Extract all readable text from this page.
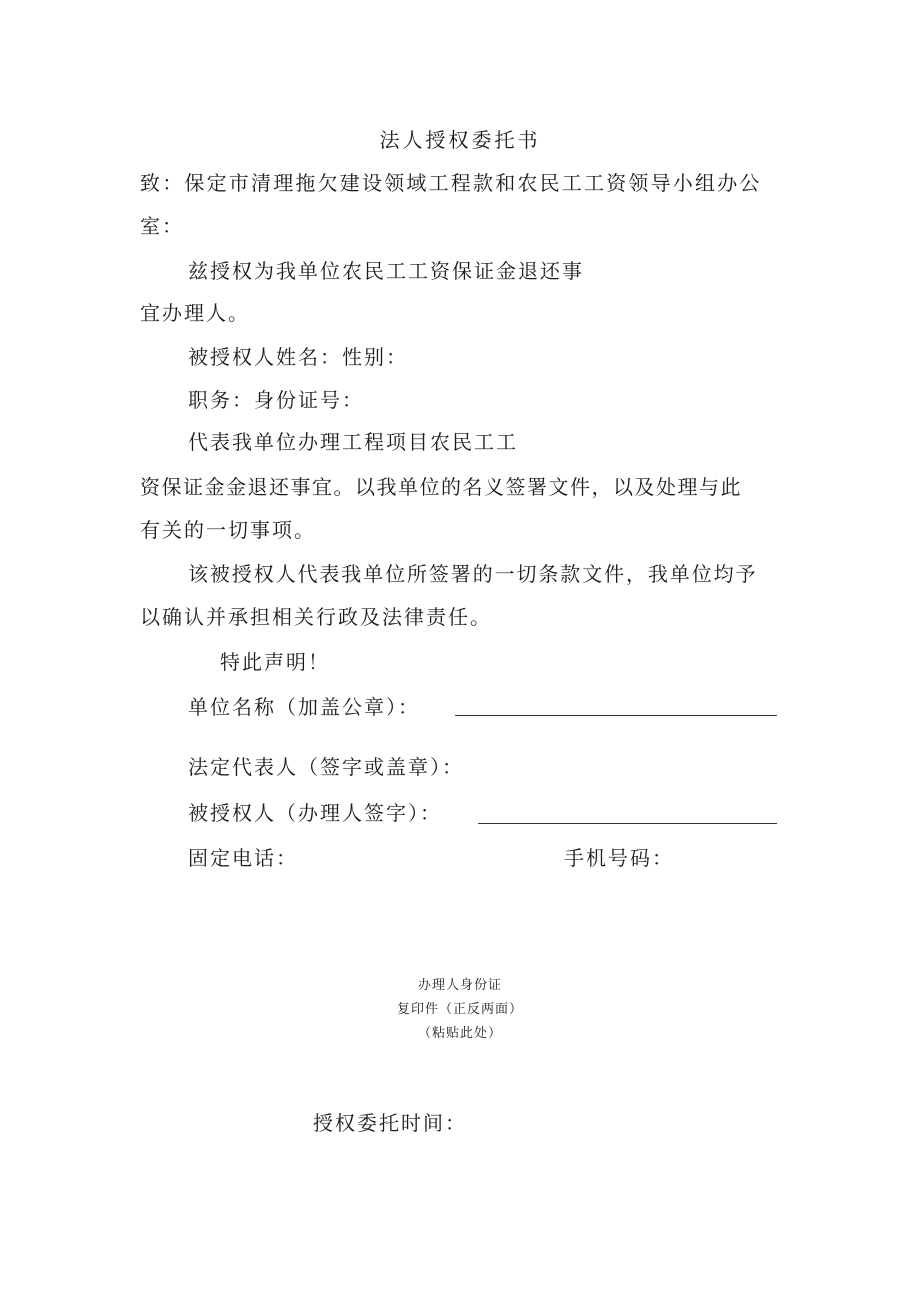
法人授权委托书
致：保定市清理拖欠建设领域工程款和农民工工资领导小组办公
室：
兹授权为我单位农民工工资保证金退还事
宜办理人。
被授权人姓名：性别：
职务：身份证号：
代表我单位办理工程项目农民工工
资保证金金退还事宜。以我单位的名义签署文件，以及处理与此
有关的一切事项。
该被授权人代表我单位所签署的一切条款文件，我单位均予
以确认并承担相关行政及法律责任。
特此声明！
单位名称（加盖公章）：
法定代表人（签字或盖章）：
被授权人（办理人签字）：
固定电话：	手机号码：
办理人身份证
复印件（正反两面）
（粘贴此处）
授权委托时间：
